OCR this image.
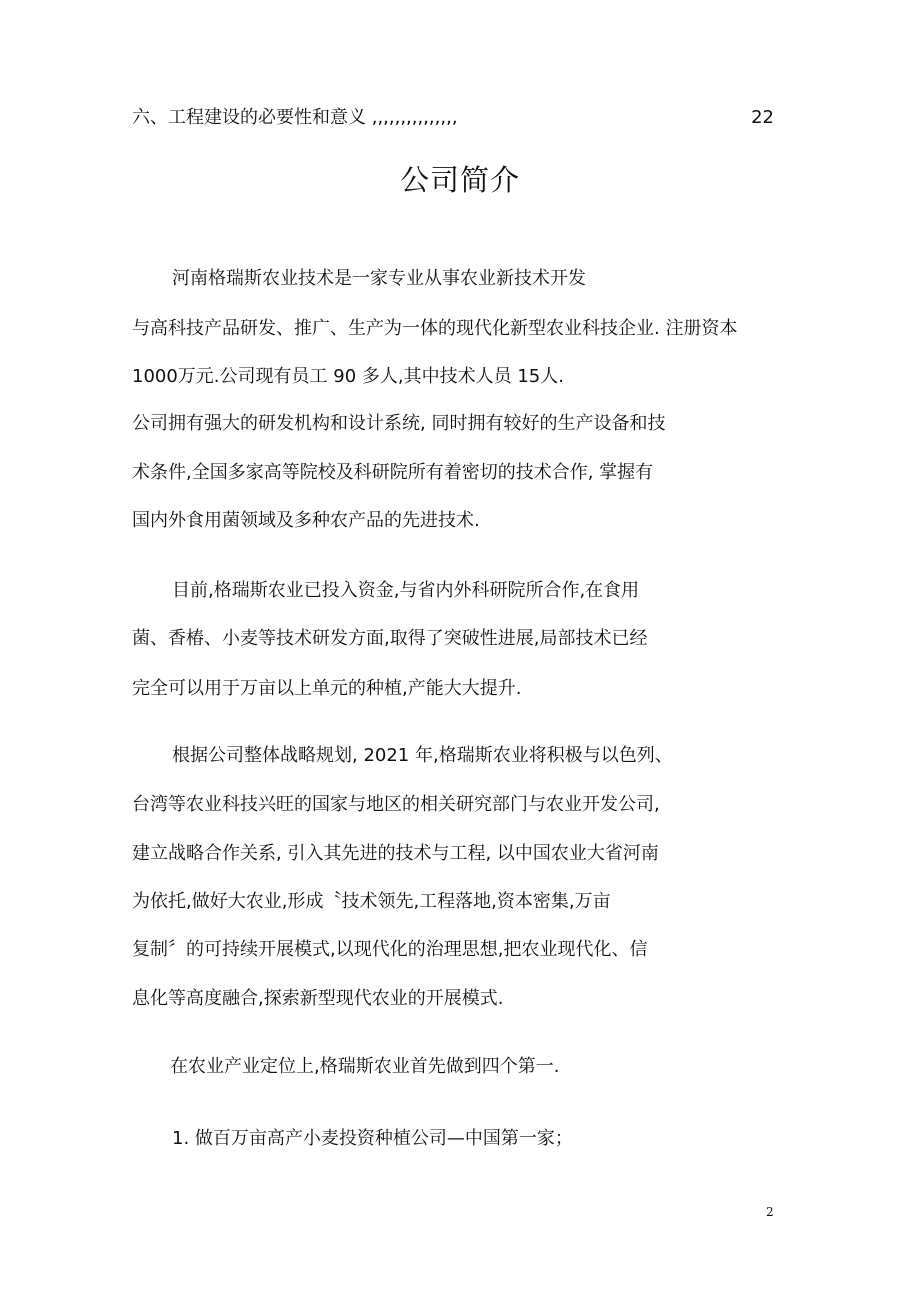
六、工程建设的必要性和意义 ,,,,,,,,,,,,,,,	22
公司简介
河南格瑞斯农业技术是一家专业从事农业新技术开发
与高科技产品研发、推广、生产为一体的现代化新型农业科技企业. 注册资本
1000万元.公司现有员工 90 多人,其中技术人员 15人.
公司拥有强大的研发机构和设计系统, 同时拥有较好的生产设备和技
术条件,全国多家高等院校及科研院所有着密切的技术合作, 掌握有
国内外食用菌领域及多种农产品的先进技术.
目前,格瑞斯农业已投入资金,与省内外科研院所合作,在食用
菌、香椿、小麦等技术研发方面,取得了突破性进展,局部技术已经
完全可以用于万亩以上单元的种植,产能大大提升.
根据公司整体战略规划, 2021 年,格瑞斯农业将积极与以色列、
台湾等农业科技兴旺的国家与地区的相关研究部门与农业开发公司,
建立战略合作关系, 引入其先进的技术与工程, 以中国农业大省河南
为依托,做好大农业,形成〝技术领先,工程落地,资本密集,万亩
复制〞的可持续开展模式,以现代化的治理思想,把农业现代化、信
息化等高度融合,探索新型现代农业的开展模式.
在农业产业定位上,格瑞斯农业首先做到四个第一.
1. 做百万亩高产小麦投资种植公司—中国第一家；
2
